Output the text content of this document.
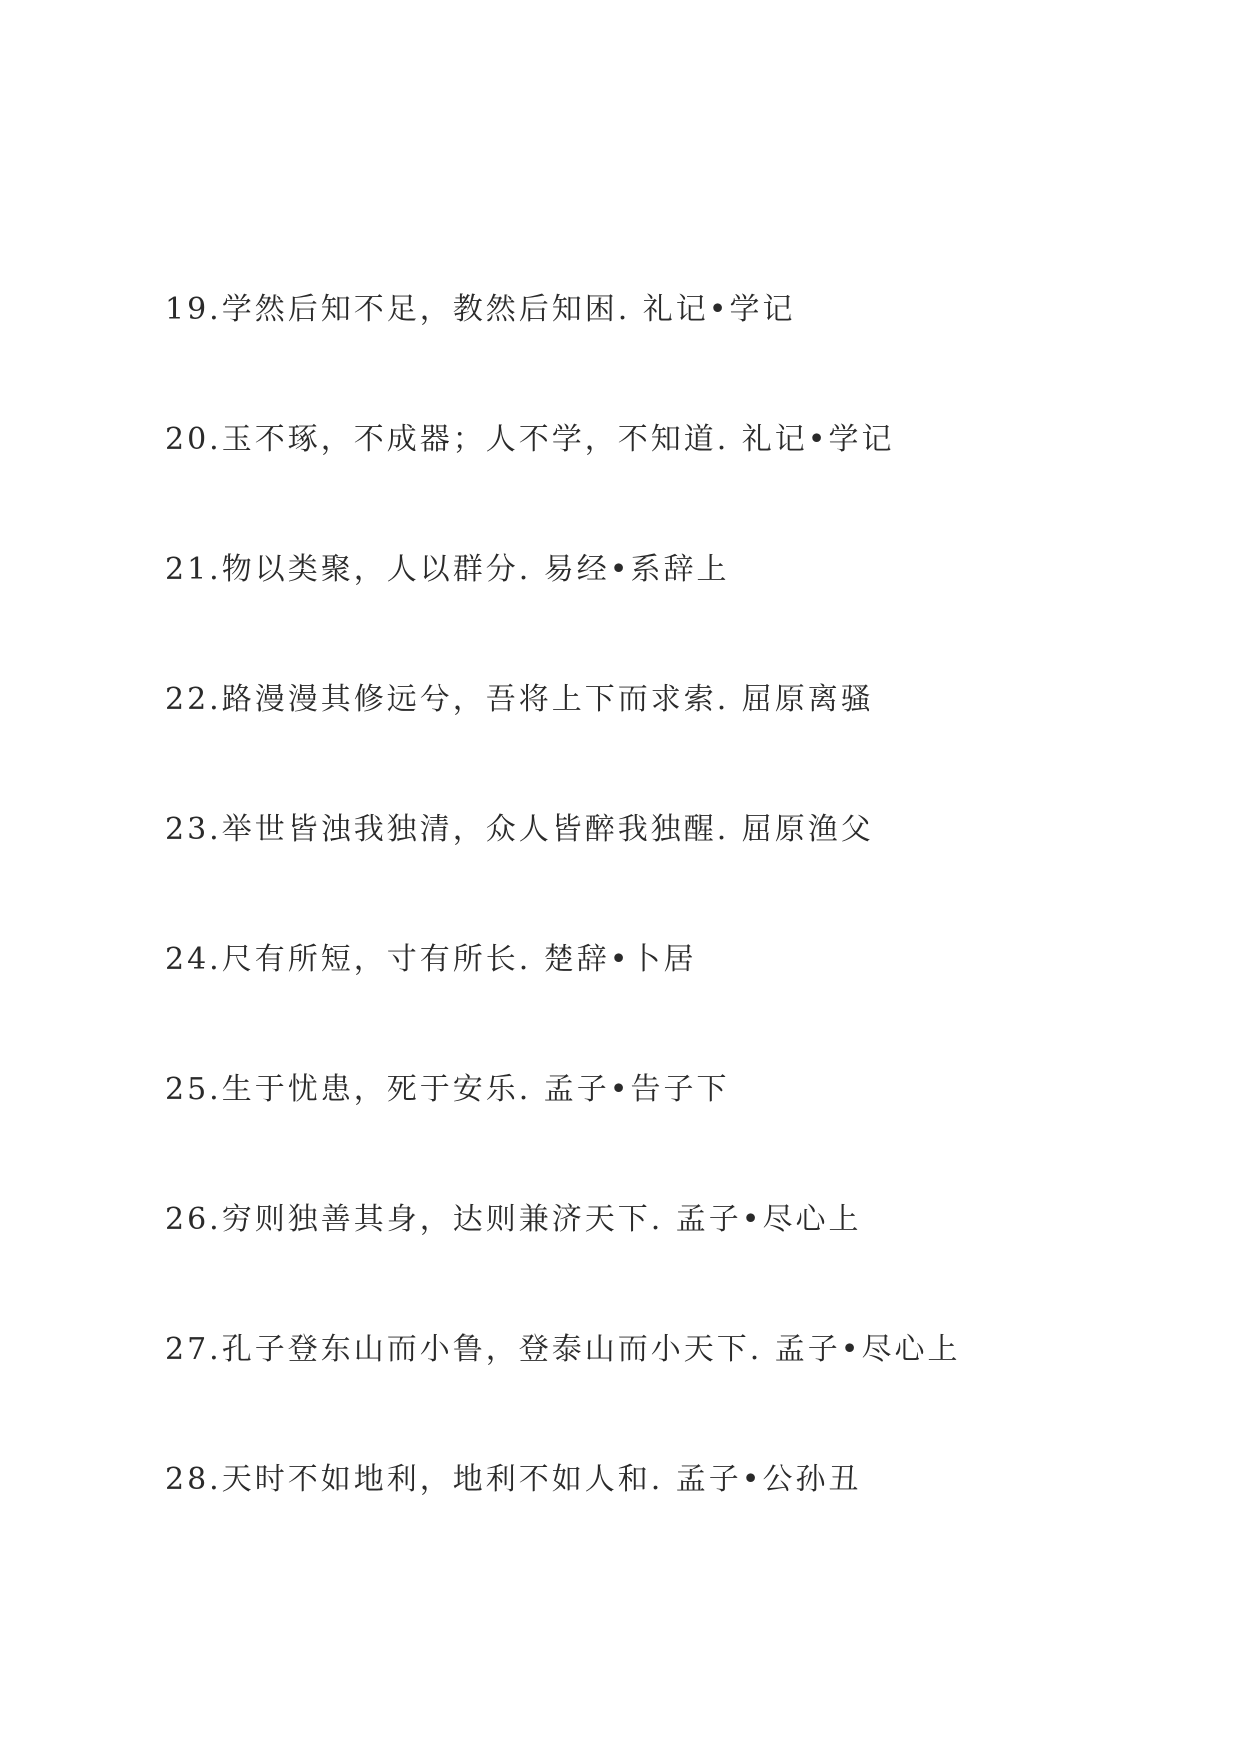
19.学然后知不足，教然后知困. 礼记•学记
20.玉不琢，不成器；人不学，不知道. 礼记•学记
21.物以类聚，人以群分. 易经•系辞上
22.路漫漫其修远兮，吾将上下而求索. 屈原离骚
23.举世皆浊我独清，众人皆醉我独醒. 屈原渔父
24.尺有所短，寸有所长. 楚辞•卜居
25.生于忧患，死于安乐. 孟子•告子下
26.穷则独善其身，达则兼济天下. 孟子•尽心上
27.孔子登东山而小鲁，登泰山而小天下. 孟子•尽心上
28.天时不如地利，地利不如人和. 孟子•公孙丑
